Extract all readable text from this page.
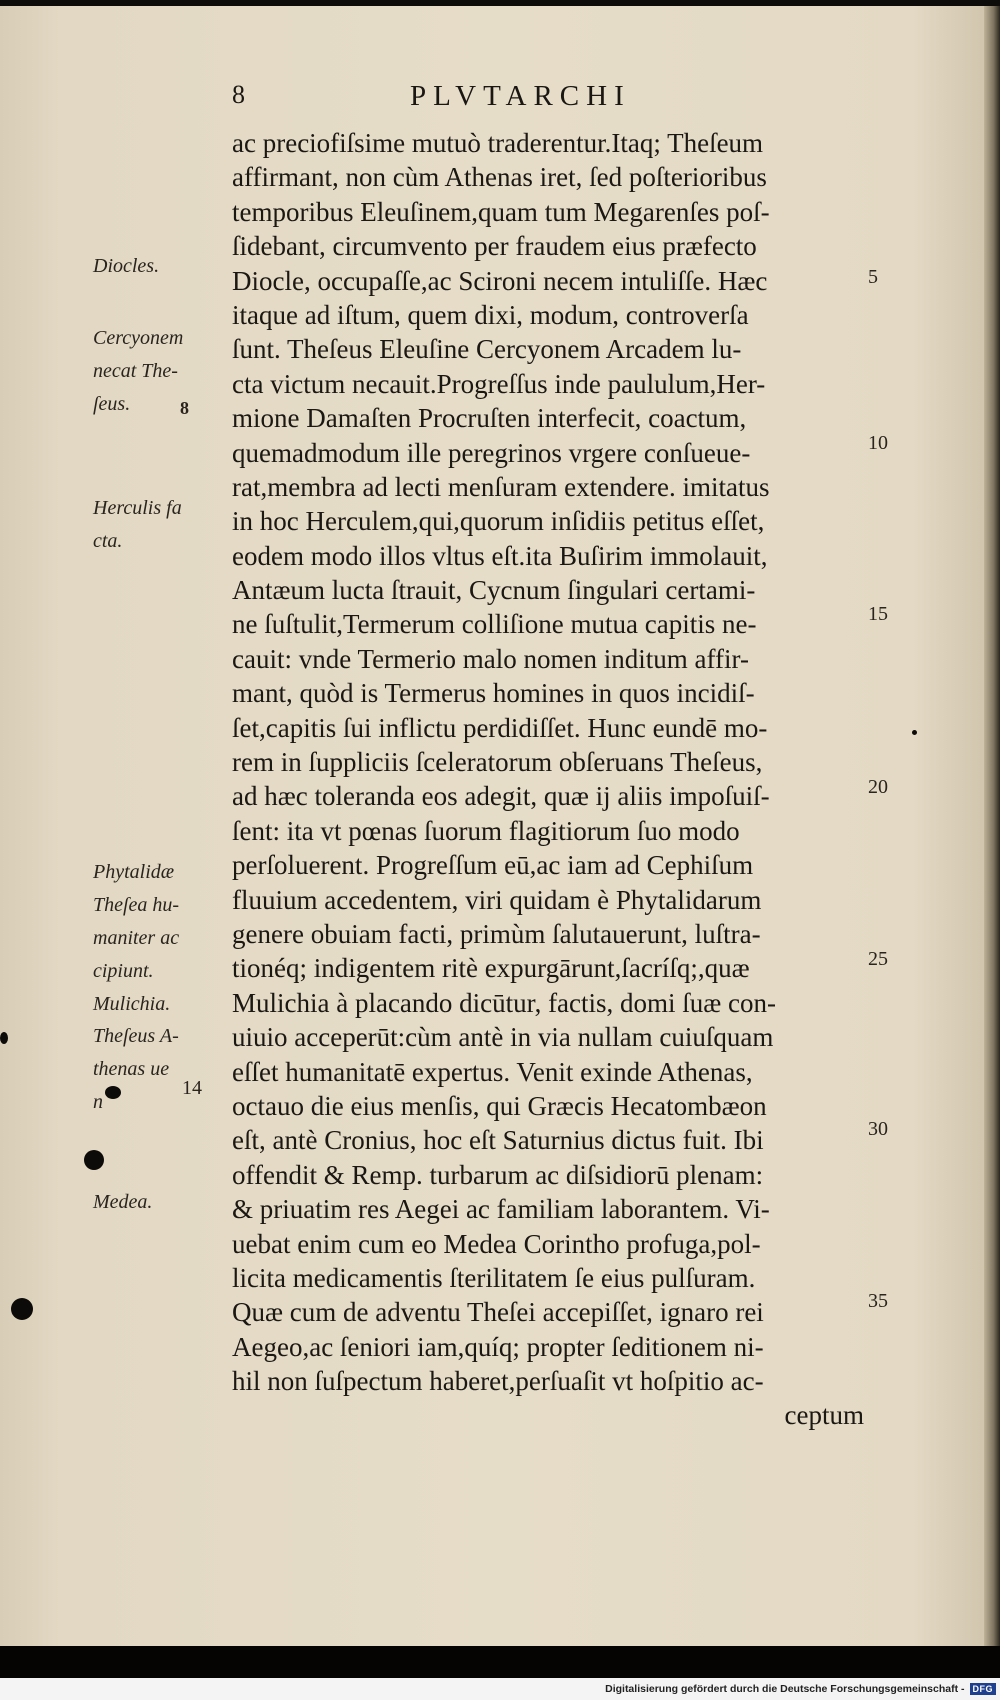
8	PLVTARCHI
ac preciofiſsime mutuò traderentur.Itaq; Theſeum
affirmant, non cùm Athenas iret, ſed poſterioribus
temporibus Eleuſinem,quam tum Megarenſes poſ-
ſidebant, circumvento per fraudem eius præfecto
Diocle, occupaſſe,ac Scironi necem intuliſſe. Hæc
itaque ad iſtum, quem dixi, modum, controverſa
ſunt. Theſeus Eleuſine Cercyonem Arcadem lu-
cta victum necauit.Progreſſus inde paululum,Her-
mione Damaſten Procruſten interfecit, coactum,
quemadmodum ille peregrinos vrgere conſueue-
rat,membra ad lecti menſuram extendere. imitatus
in hoc Herculem,qui,quorum inſidiis petitus eſſet,
eodem modo illos vltus eſt.ita Buſirim immolauit,
Antæum lucta ſtrauit, Cycnum ſingulari certami-
ne ſuſtulit,Termerum colliſione mutua capitis ne-
cauit: vnde Termerio malo nomen inditum affir-
mant, quòd is Termerus homines in quos incidiſ-
ſet,capitis ſui inflictu perdidiſſet. Hunc eundē mo-
rem in ſuppliciis ſceleratorum obſeruans Theſeus,
ad hæc toleranda eos adegit, quæ ij aliis impoſuiſ-
ſent: ita vt pœnas ſuorum flagitiorum ſuo modo
perſoluerent. Progreſſum eū,ac iam ad Cephiſum
fluuium accedentem, viri quidam è Phytalidarum
genere obuiam facti, primùm ſalutauerunt, luſtra-
tionéq; indigentem ritè expurgārunt,ſacríſq;,quæ
Mulichia à placando dicūtur, factis, domi ſuæ con-
uiuio acceperūt:cùm antè in via nullam cuiuſquam
eſſet humanitatē expertus. Venit exinde Athenas,
octauo die eius menſis, qui Græcis Hecatombæon
eſt, antè Cronius, hoc eſt Saturnius dictus fuit. Ibi
offendit & Remp. turbarum ac diſsidiorū plenam:
& priuatim res Aegei ac familiam laborantem. Vi-
uebat enim cum eo Medea Corintho profuga,pol-
licita medicamentis ſterilitatem ſe eius pulſuram.
Quæ cum de adventu Theſei accepiſſet, ignaro rei
Aegeo,ac ſeniori iam,quíq; propter ſeditionem ni-
hil non ſuſpectum haberet,perſuaſit vt hoſpitio ac-
ceptum
Diocles.
Cercyonem
necat The-
ſeus.
Herculis fa
cta.
Phytalidæ
Theſea hu-
maniter ac
cipiunt.
Mulichia.
Theſeus A-
thenas ue
n
Medea.
8
14
5
10
15
20
25
30
35
Digitalisierung gefördert durch die Deutsche Forschungsgemeinschaft - DFG
